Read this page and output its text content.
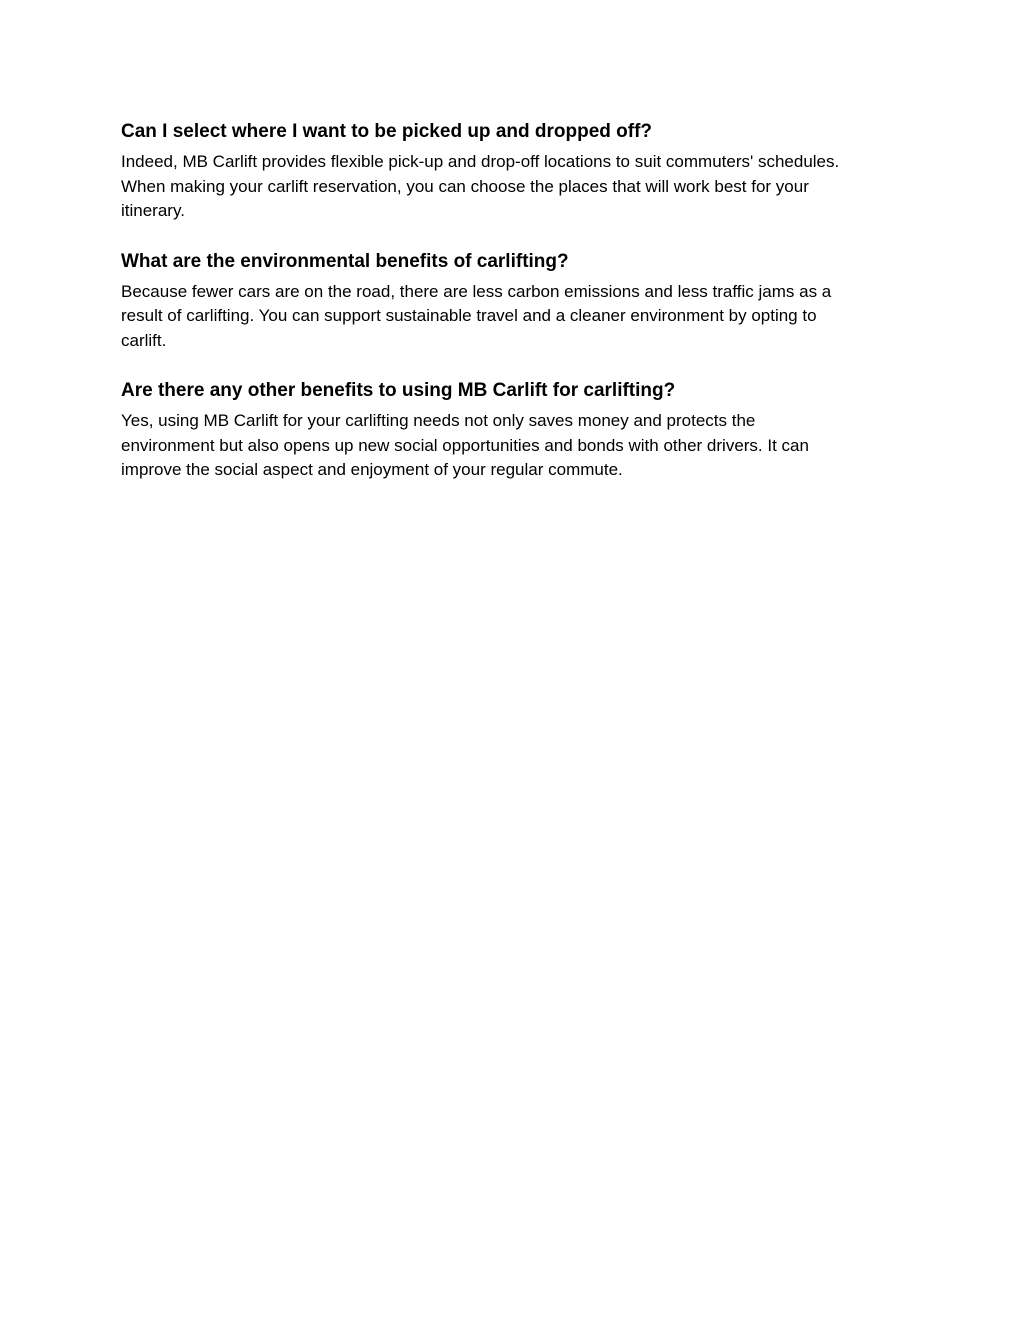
Can I select where I want to be picked up and dropped off?

Indeed, MB Carlift provides flexible pick-up and drop-off locations to suit commuters' schedules.
When making your carlift reservation, you can choose the places that will work best for your
itinerary.

What are the environmental benefits of carlifting?

Because fewer cars are on the road, there are less carbon emissions and less traffic jams as a
result of carlifting. You can support sustainable travel and a cleaner environment by opting to
carlift.

Are there any other benefits to using MB Carlift for carlifting?

Yes, using MB Carlift for your carlifting needs not only saves money and protects the
environment but also opens up new social opportunities and bonds with other drivers. It can
improve the social aspect and enjoyment of your regular commute.
